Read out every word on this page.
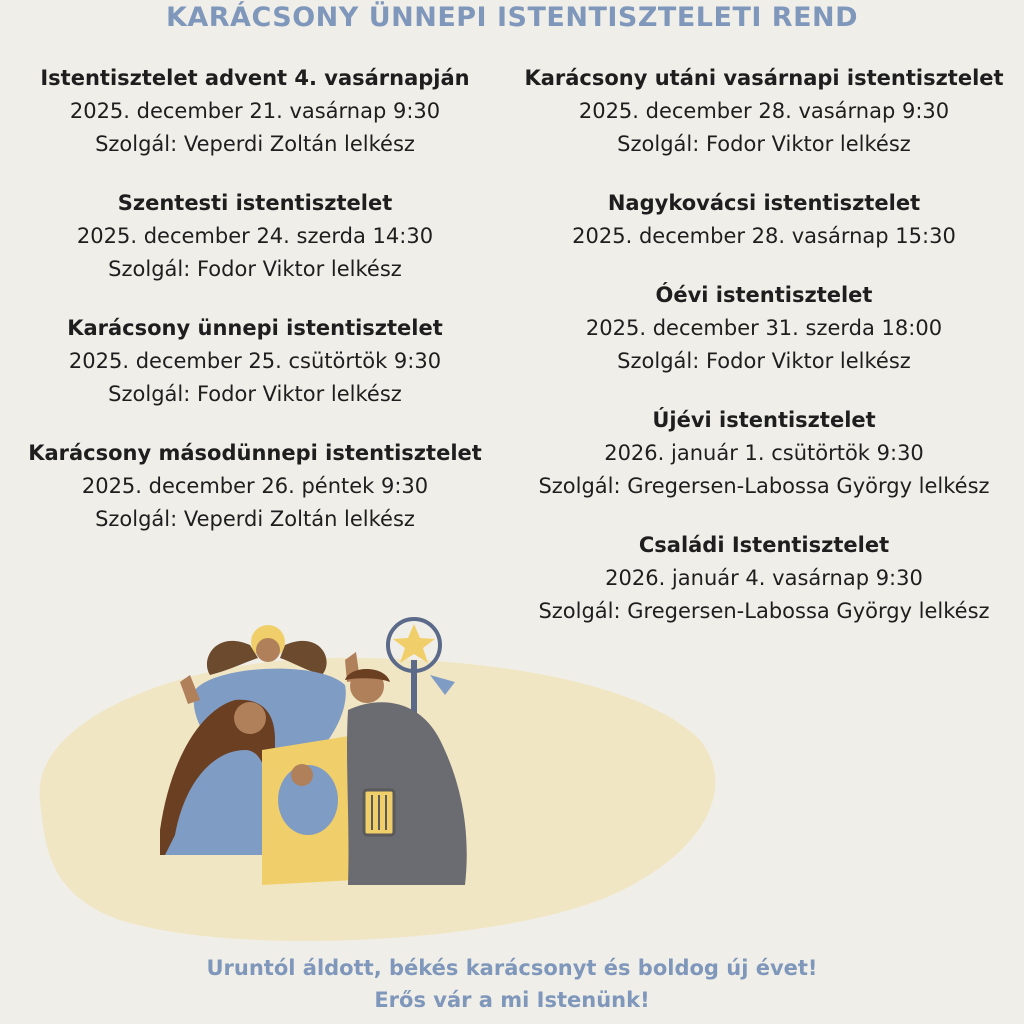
KARÁCSONY ÜNNEPI ISTENTISZTELETI REND
Istentisztelet advent 4. vasárnapján
2025. december 21. vasárnap 9:30
Szolgál: Veperdi Zoltán lelkész
Szentesti istentisztelet
2025. december 24. szerda 14:30
Szolgál: Fodor Viktor lelkész
Karácsony ünnepi istentisztelet
2025. december 25. csütörtök 9:30
Szolgál: Fodor Viktor lelkész
Karácsony másodünnepi istentisztelet
2025. december 26. péntek 9:30
Szolgál: Veperdi Zoltán lelkész
Karácsony utáni vasárnapi istentisztelet
2025. december 28. vasárnap 9:30
Szolgál: Fodor Viktor lelkész
Nagykovácsi istentisztelet
2025. december 28. vasárnap 15:30
Óévi istentisztelet
2025. december 31. szerda 18:00
Szolgál: Fodor Viktor lelkész
Újévi istentisztelet
2026. január 1. csütörtök 9:30
Szolgál: Gregersen-Labossa György lelkész
Családi Istentisztelet
2026. január 4. vasárnap 9:30
Szolgál: Gregersen-Labossa György lelkész
Uruntól áldott, békés karácsonyt és boldog új évet!
Erős vár a mi Istenünk!
